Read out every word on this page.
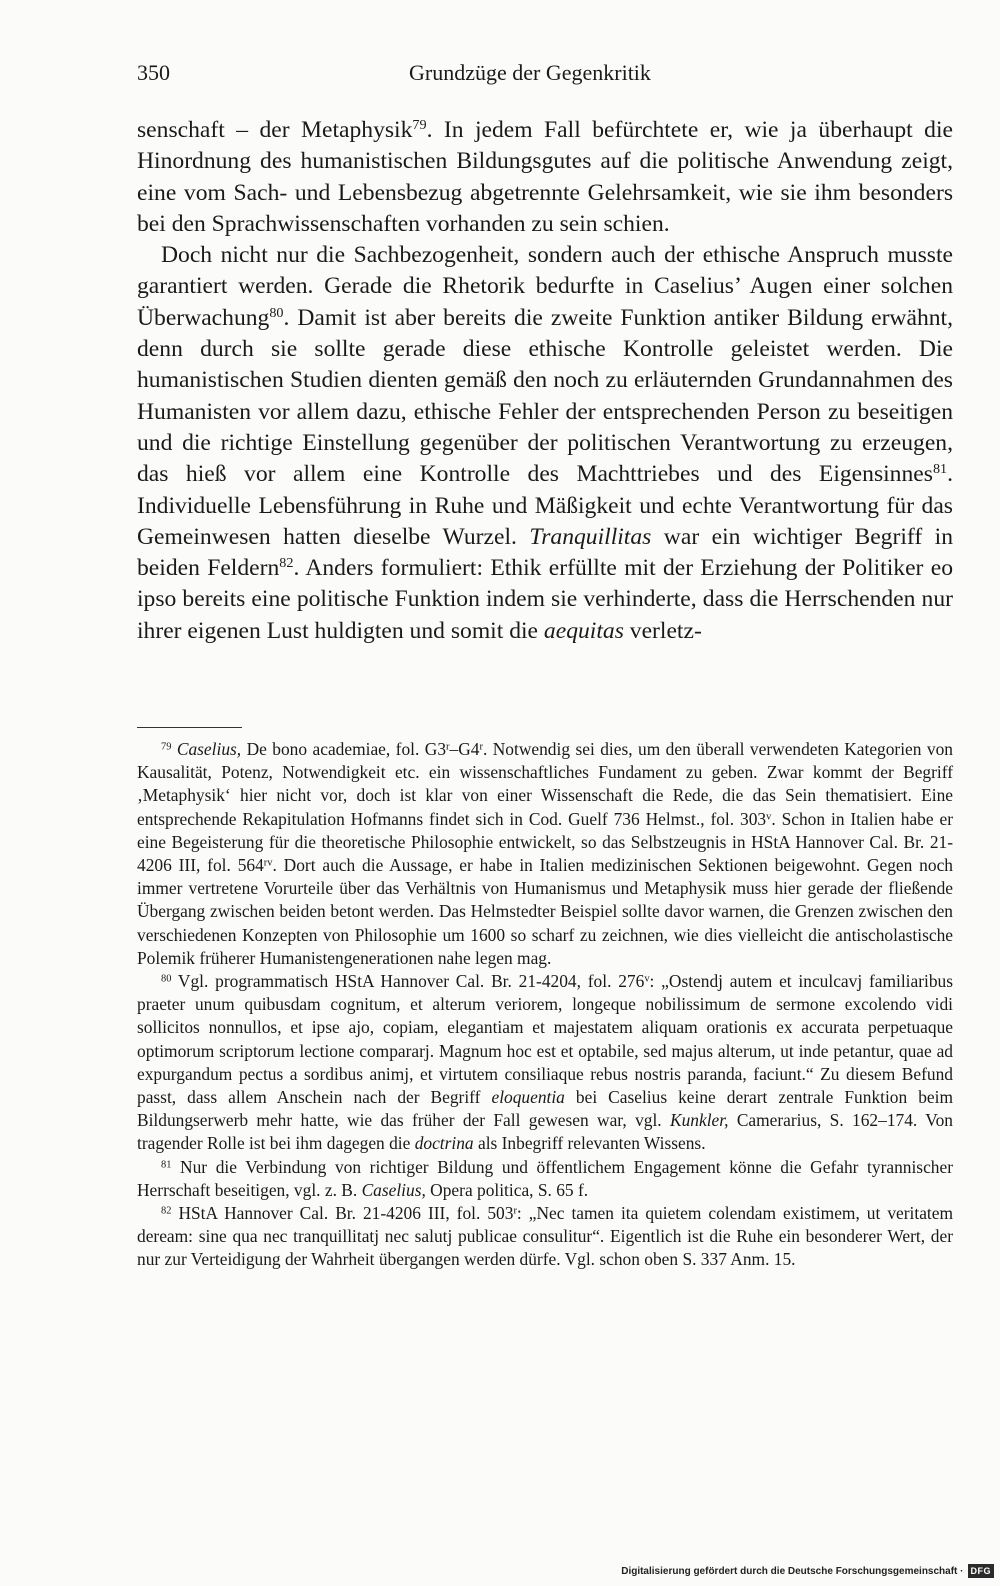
350	Grundzüge der Gegenkritik

senschaft – der Metaphysik$^{79}$. In jedem Fall befürchtete er, wie ja überhaupt die Hinordnung des humanistischen Bildungsgutes auf die politische Anwendung zeigt, eine vom Sach- und Lebensbezug abgetrennte Gelehrsamkeit, wie sie ihm besonders bei den Sprachwissenschaften vorhanden zu sein schien.

Doch nicht nur die Sachbezogenheit, sondern auch der ethische Anspruch musste garantiert werden. Gerade die Rhetorik bedurfte in Caselius’ Augen einer solchen Überwachung$^{80}$. Damit ist aber bereits die zweite Funktion antiker Bildung erwähnt, denn durch sie sollte gerade diese ethische Kontrolle geleistet werden. Die humanistischen Studien dienten gemäß den noch zu erläuternden Grundannahmen des Humanisten vor allem dazu, ethische Fehler der entsprechenden Person zu beseitigen und die richtige Einstellung gegenüber der politischen Verantwortung zu erzeugen, das hieß vor allem eine Kontrolle des Machttriebes und des Eigensinnes$^{81}$. Individuelle Lebensführung in Ruhe und Mäßigkeit und echte Verantwortung für das Gemeinwesen hatten dieselbe Wurzel. Tranquillitas war ein wichtiger Begriff in beiden Feldern$^{82}$. Anders formuliert: Ethik erfüllte mit der Erziehung der Politiker eo ipso bereits eine politische Funktion indem sie verhinderte, dass die Herrschenden nur ihrer eigenen Lust huldigten und somit die aequitas verletz-

$^{79}$ Caselius, De bono academiae, fol. G3$^r$–G4$^r$. Notwendig sei dies, um den überall verwendeten Kategorien von Kausalität, Potenz, Notwendigkeit etc. ein wissenschaftliches Fundament zu geben. Zwar kommt der Begriff ‚Metaphysik‘ hier nicht vor, doch ist klar von einer Wissenschaft die Rede, die das Sein thematisiert. Eine entsprechende Rekapitulation Hofmanns findet sich in Cod. Guelf 736 Helmst., fol. 303$^v$. Schon in Italien habe er eine Begeisterung für die theoretische Philosophie entwickelt, so das Selbstzeugnis in HStA Hannover Cal. Br. 21-4206 III, fol. $564^{rv}$. Dort auch die Aussage, er habe in Italien medizinischen Sektionen beigewohnt. Gegen noch immer vertretene Vorurteile über das Verhältnis von Humanismus und Metaphysik muss hier gerade der fließende Übergang zwischen beiden betont werden. Das Helmstedter Beispiel sollte davor warnen, die Grenzen zwischen den verschiedenen Konzepten von Philosophie um 1600 so scharf zu zeichnen, wie dies vielleicht die antischolastische Polemik früherer Humanistengenerationen nahe legen mag.

$^{80}$ Vgl. programmatisch HStA Hannover Cal. Br. 21-4204, fol. 276$^v$: „Ostendj autem et inculcavj familiaribus praeter unum quibusdam cognitum, et alterum veriorem, longeque nobilissimum de sermone excolendo vidi sollicitos nonnullos, et ipse ajo, copiam, elegantiam et majestatem aliquam orationis ex accurata perpetuaque optimorum scriptorum lectione compararj. Magnum hoc est et optabile, sed majus alterum, ut inde petantur, quae ad expurgandum pectus a sordibus animj, et virtutem consiliaque rebus nostris paranda, faciunt.“ Zu diesem Befund passt, dass allem Anschein nach der Begriff eloquentia bei Caselius keine derart zentrale Funktion beim Bildungserwerb mehr hatte, wie das früher der Fall gewesen war, vgl. Kunkler, Camerarius, S. 162–174. Von tragender Rolle ist bei ihm dagegen die doctrina als Inbegriff relevanten Wissens.

$^{81}$ Nur die Verbindung von richtiger Bildung und öffentlichem Engagement könne die Gefahr tyrannischer Herrschaft beseitigen, vgl. z. B. Caselius, Opera politica, S. 65 f.

$^{82}$ HStA Hannover Cal. Br. 21-4206 III, fol. 503$^r$: „Nec tamen ita quietem colendam existimem, ut veritatem deream: sine qua nec tranquillitatj nec salutj publicae consulitur“. Eigentlich ist die Ruhe ein besonderer Wert, der nur zur Verteidigung der Wahrheit übergangen werden dürfe. Vgl. schon oben S. 337 Anm. 15.

Digitalisierung gefördert durch die Deutsche Forschungsgemeinschaft · DFG
